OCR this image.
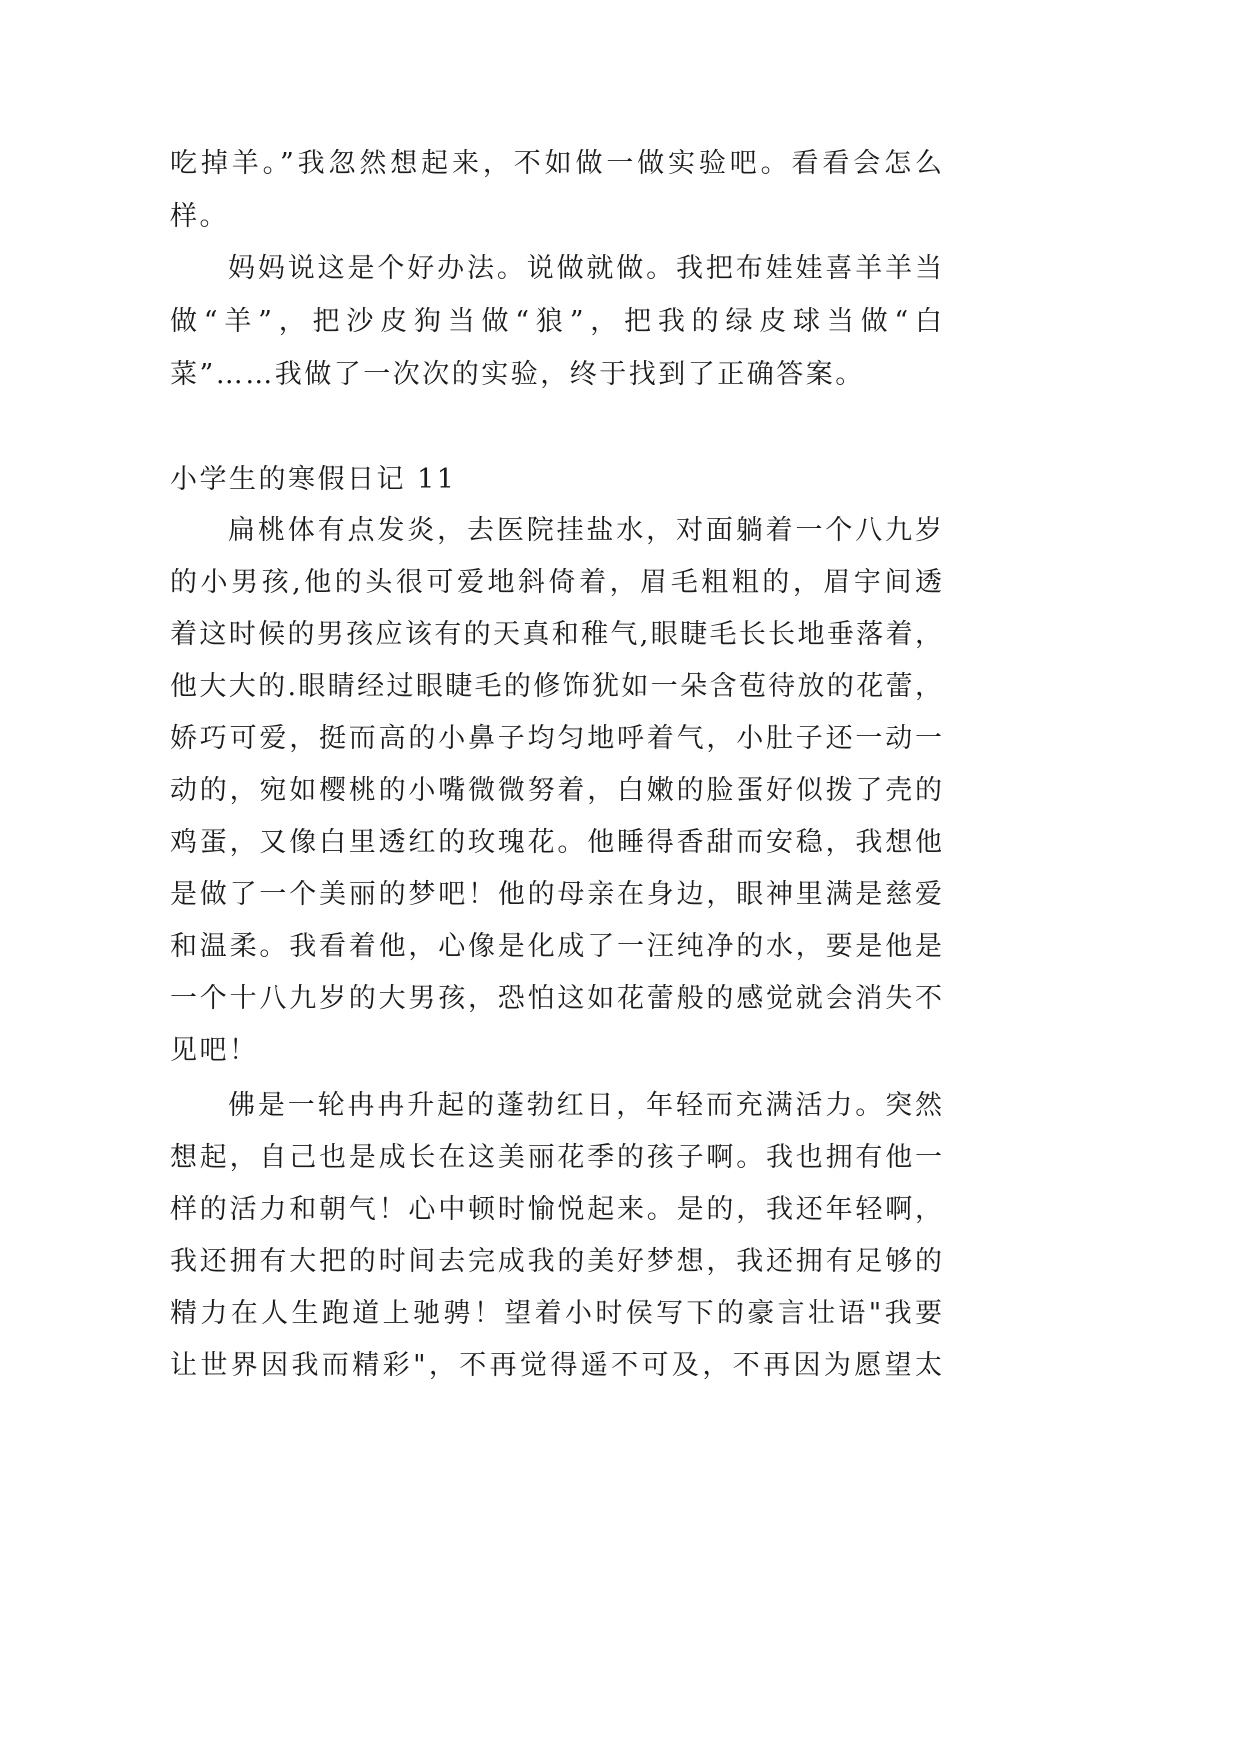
吃掉羊。”我忽然想起来，不如做一做实验吧。看看会怎么
样。
妈妈说这是个好办法。说做就做。我把布娃娃喜羊羊当
做“羊”，把沙皮狗当做“狼”，把我的绿皮球当做“白
菜”……我做了一次次的实验，终于找到了正确答案。
小学生的寒假日记 11
扁桃体有点发炎，去医院挂盐水，对面躺着一个八九岁
的小男孩,他的头很可爱地斜倚着，眉毛粗粗的，眉宇间透
着这时候的男孩应该有的天真和稚气,眼睫毛长长地垂落着，
他大大的.眼睛经过眼睫毛的修饰犹如一朵含苞待放的花蕾，
娇巧可爱，挺而高的小鼻子均匀地呼着气，小肚子还一动一
动的，宛如樱桃的小嘴微微努着，白嫩的脸蛋好似拨了壳的
鸡蛋，又像白里透红的玫瑰花。他睡得香甜而安稳，我想他
是做了一个美丽的梦吧！他的母亲在身边，眼神里满是慈爱
和温柔。我看着他，心像是化成了一汪纯净的水，要是他是
一个十八九岁的大男孩，恐怕这如花蕾般的感觉就会消失不
见吧！
佛是一轮冉冉升起的蓬勃红日，年轻而充满活力。突然
想起，自己也是成长在这美丽花季的孩子啊。我也拥有他一
样的活力和朝气！心中顿时愉悦起来。是的，我还年轻啊，
我还拥有大把的时间去完成我的美好梦想，我还拥有足够的
精力在人生跑道上驰骋！望着小时侯写下的豪言壮语"我要
让世界因我而精彩"，不再觉得遥不可及，不再因为愿望太
